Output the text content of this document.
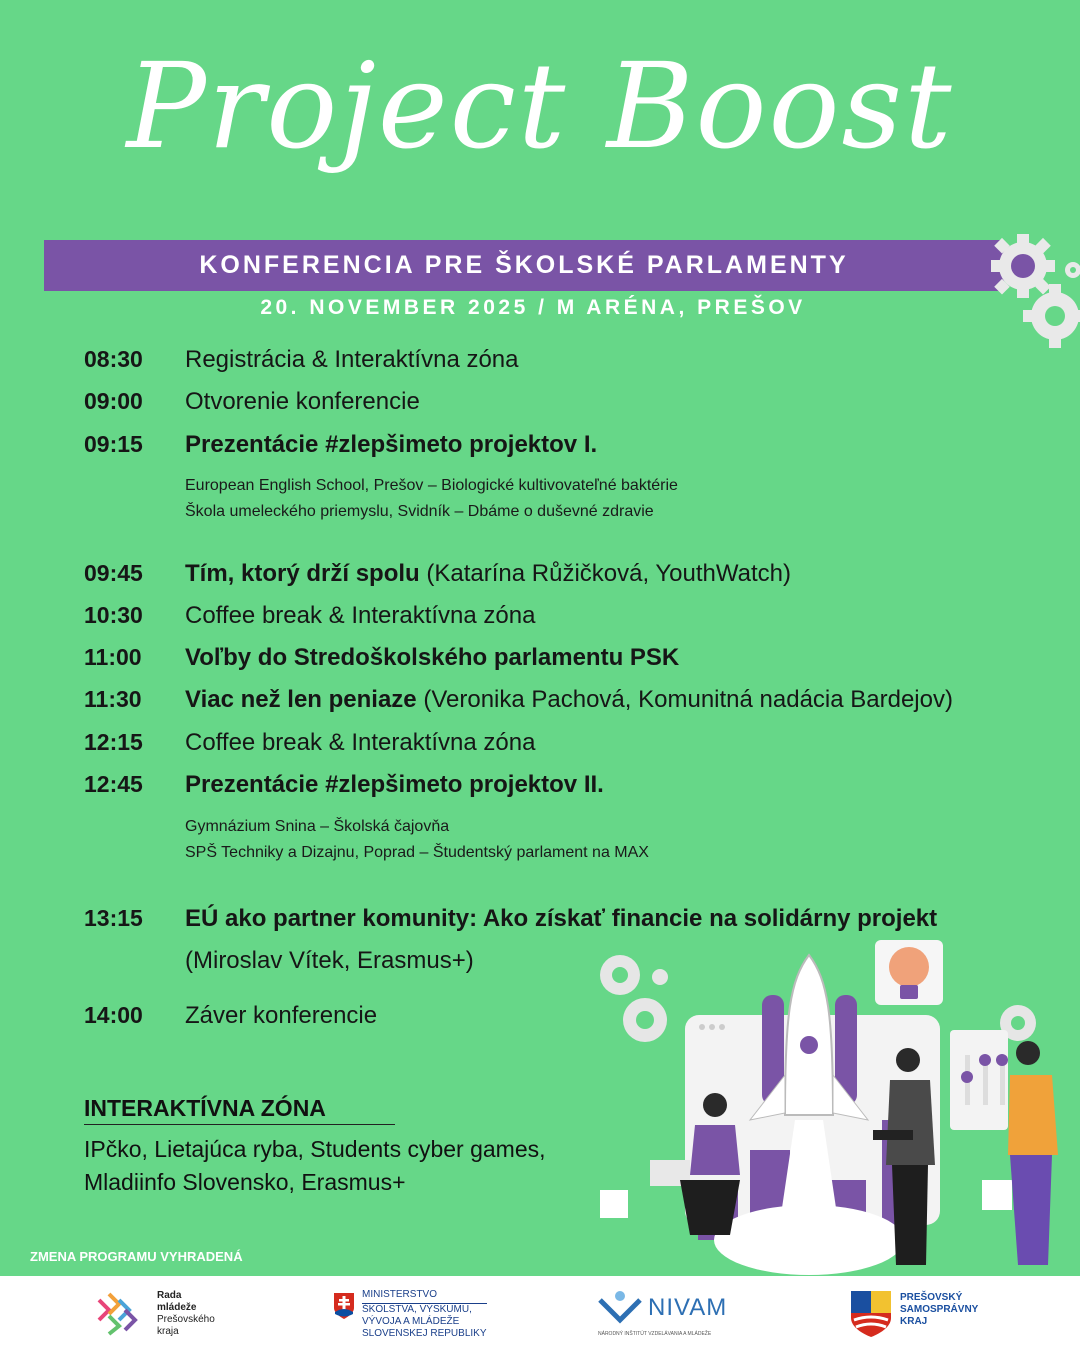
Project Boost
KONFERENCIA PRE ŠKOLSKÉ PARLAMENTY
20. NOVEMBER 2025 / M ARÉNA, PREŠOV
08:30 Registrácia & Interaktívna zóna
09:00 Otvorenie konferencie
09:15 Prezentácie #zlepšimeto projektov I.
European English School, Prešov – Biologické kultivovateľné baktérie
Škola umeleckého priemyslu, Svidník – Dbáme o duševné zdravie
09:45 Tím, ktorý drží spolu (Katarína Růžičková, YouthWatch)
10:30 Coffee break & Interaktívna zóna
11:00 Voľby do Stredoškolského parlamentu PSK
11:30 Viac než len peniaze (Veronika Pachová, Komunitná nadácia Bardejov)
12:15 Coffee break & Interaktívna zóna
12:45 Prezentácie #zlepšimeto projektov II.
Gymnázium Snina – Školská čajovňa
SPŠ Techniky a Dizajnu, Poprad – Študentský parlament na MAX
13:15 EÚ ako partner komunity: Ako získať financie na solidárny projekt
(Miroslav Vítek, Erasmus+)
14:00 Záver konferencie
INTERAKTÍVNA ZÓNA
IPčko, Lietajúca ryba, Students cyber games,
Mladiinfo Slovensko, Erasmus+
ZMENA PROGRAMU VYHRADENÁ
Rada
mládeže
Prešovského
kraja
MINISTERSTVO
ŠKOLSTVA, VÝSKUMU,
VÝVOJA A MLÁDEŽE
SLOVENSKEJ REPUBLIKY
NIVAM
NÁRODNÝ INŠTITÚT VZDELÁVANIA A MLÁDEŽE
PREŠOVSKÝ
SAMOSPRÁVNY
KRAJ
